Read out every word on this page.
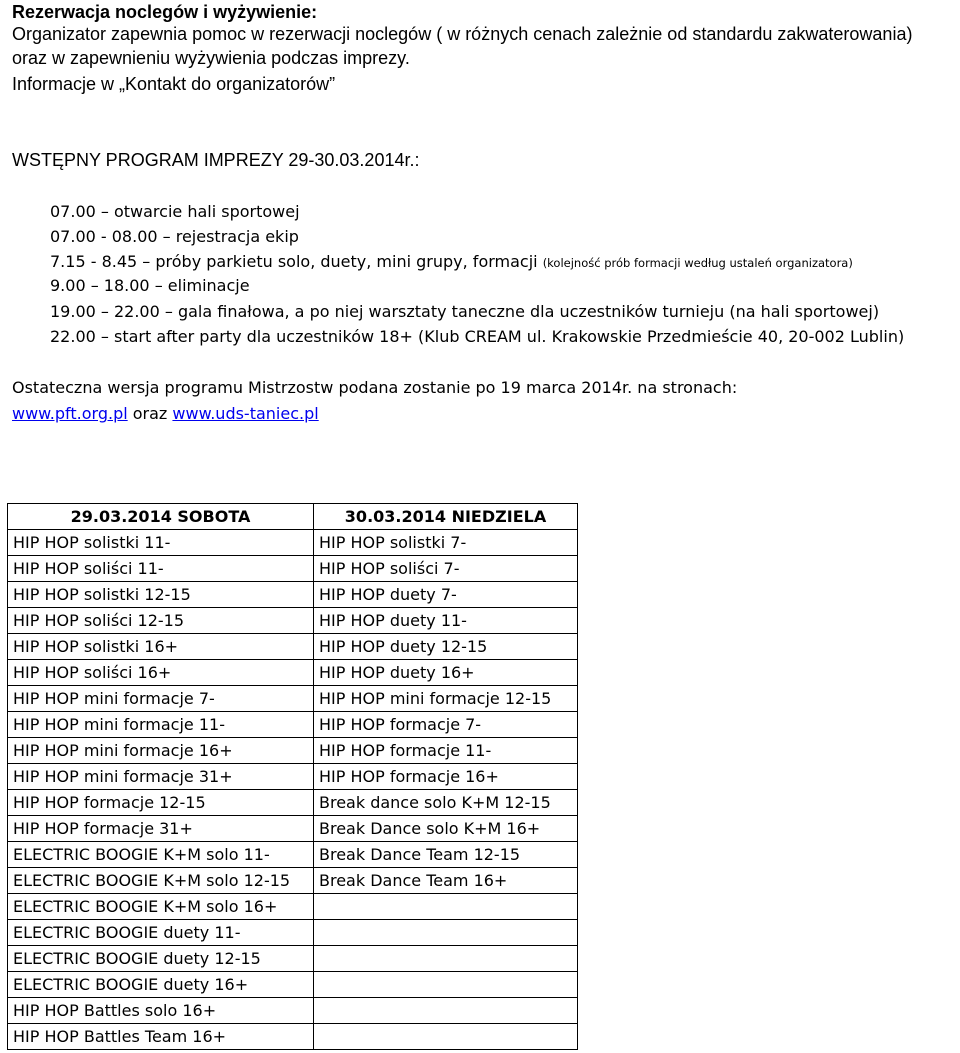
Rezerwacja noclegów i wyżywienie:
Organizator zapewnia pomoc w rezerwacji noclegów ( w różnych cenach zależnie od standardu zakwaterowania)
oraz w zapewnieniu wyżywienia podczas imprezy.
Informacje w „Kontakt do organizatorów”
WSTĘPNY PROGRAM IMPREZY 29-30.03.2014r.:
07.00 – otwarcie hali sportowej
07.00 - 08.00 – rejestracja ekip
7.15 - 8.45 – próby parkietu solo, duety, mini grupy, formacji (kolejność prób formacji według ustaleń organizatora)
9.00 – 18.00 – eliminacje
19.00 – 22.00 – gala finałowa, a po niej warsztaty taneczne dla uczestników turnieju (na hali sportowej)
22.00 – start after party dla uczestników 18+ (Klub CREAM ul. Krakowskie Przedmieście 40, 20-002 Lublin)
Ostateczna wersja programu Mistrzostw podana zostanie po 19 marca 2014r. na stronach:
www.pft.org.pl oraz www.uds-taniec.pl
29.03.2014 SOBOTA	30.03.2014 NIEDZIELA
HIP HOP solistki 11-	HIP HOP solistki 7-
HIP HOP soliści 11-	HIP HOP soliści 7-
HIP HOP solistki 12-15	HIP HOP duety 7-
HIP HOP soliści 12-15	HIP HOP duety 11-
HIP HOP solistki 16+	HIP HOP duety 12-15
HIP HOP soliści 16+	HIP HOP duety 16+
HIP HOP mini formacje 7-	HIP HOP mini formacje 12-15
HIP HOP mini formacje 11-	HIP HOP formacje 7-
HIP HOP mini formacje 16+	HIP HOP formacje 11-
HIP HOP mini formacje 31+	HIP HOP formacje 16+
HIP HOP formacje 12-15	Break dance solo K+M 12-15
HIP HOP formacje 31+	Break Dance solo K+M 16+
ELECTRIC BOOGIE K+M solo 11-	Break Dance Team 12-15
ELECTRIC BOOGIE K+M solo 12-15	Break Dance Team 16+
ELECTRIC BOOGIE K+M solo 16+	
ELECTRIC BOOGIE duety 11-	
ELECTRIC BOOGIE duety 12-15	
ELECTRIC BOOGIE duety 16+	
HIP HOP Battles solo 16+	
HIP HOP Battles Team 16+	
